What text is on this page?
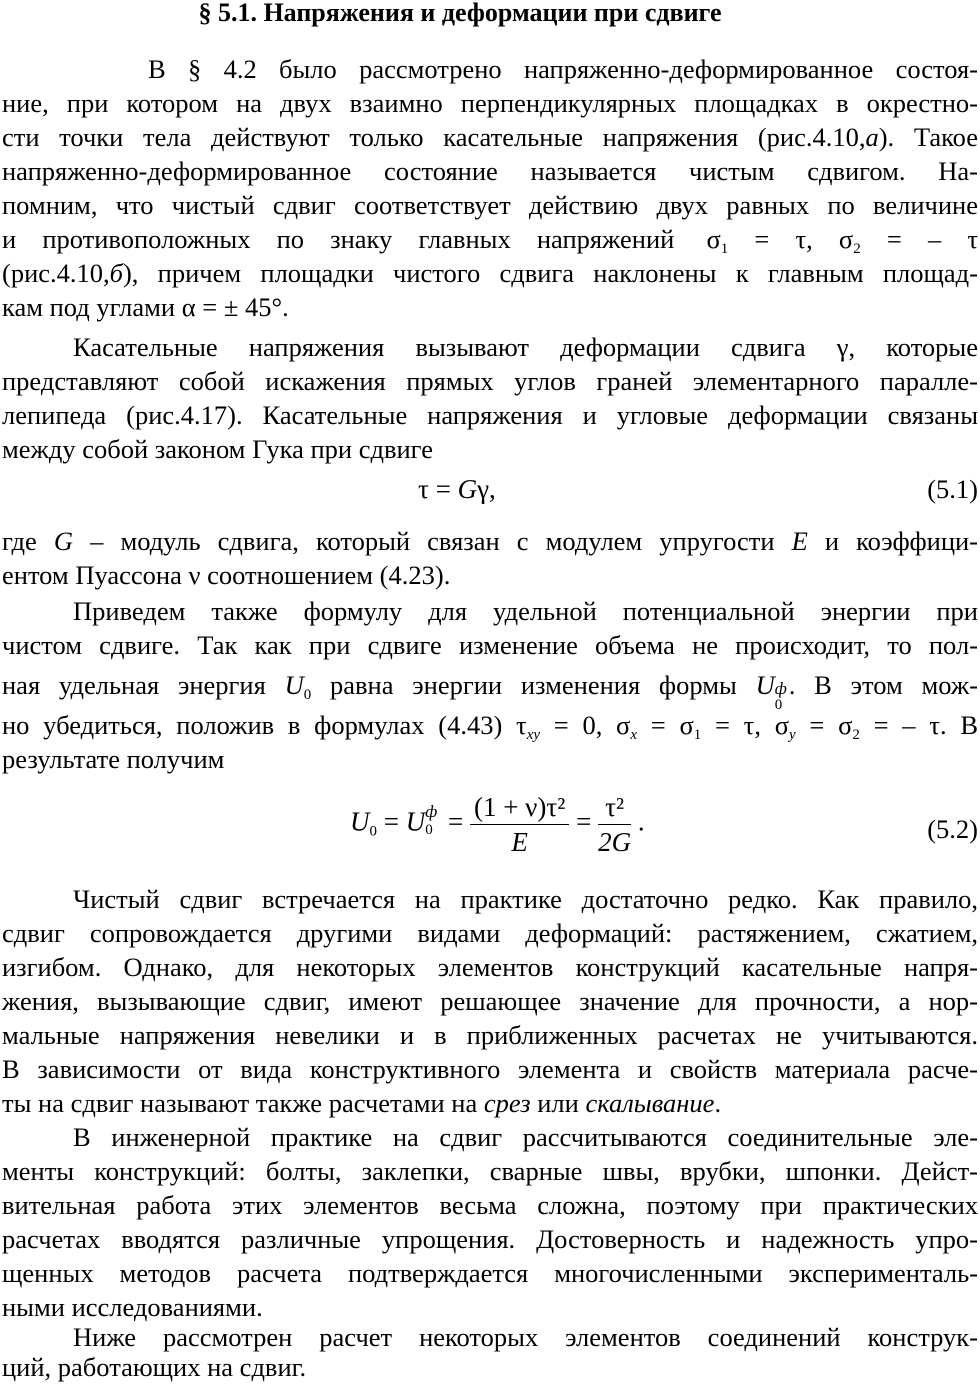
§ 5.1. Напряжения и деформации при сдвиге
В § 4.2 было рассмотрено напряженно-деформированное состоя-
ние, при котором на двух взаимно перпендикулярных площадках в окрестно-
сти точки тела действуют только касательные напряжения (рис.4.10,а). Такое
напряженно-деформированное состояние называется чистым сдвигом. На-
помним, что чистый сдвиг соответствует действию двух равных по величине
и противоположных по знаку главных напряжений $\sigma_1 = \tau$, $\sigma_2$ = – τ
(рис.4.10,б), причем площадки чистого сдвига наклонены к главным площад-
кам под углами α = ± 45°.
Касательные напряжения вызывают деформации сдвига γ, которые
представляют собой искажения прямых углов граней элементарного паралле-
лепипеда (рис.4.17). Касательные напряжения и угловые деформации связаны
между собой законом Гука при сдвиге
τ = Gγ,	(5.1)
где G – модуль сдвига, который связан с модулем упругости E и коэффици-
ентом Пуассона ν соотношением (4.23).
Приведем также формулу для удельной потенциальной энергии при
чистом сдвиге. Так как при сдвиге изменение объема не происходит, то пол-
ная удельная энергия $U_0$ равна энергии изменения формы U ф
0
. В этом мож-
но убедиться, положив в формулах (4.43) $\tau_{xy} = 0$, $\sigma_x = \sigma_1 = \tau$, $\sigma_y = \sigma_2$ = – τ. В
результате получим
$U_0 = U$ ф
$0 = \frac{\text{(1 + ν)τ²}}{E} = \frac{\text{τ²}}{2G}$ .	(5.2)
Чистый сдвиг встречается на практике достаточно редко. Как правило,
сдвиг сопровождается другими видами деформаций: растяжением, сжатием,
изгибом. Однако, для некоторых элементов конструкций касательные напря-
жения, вызывающие сдвиг, имеют решающее значение для прочности, а нор-
мальные напряжения невелики и в приближенных расчетах не учитываются.
В зависимости от вида конструктивного элемента и свойств материала расче-
ты на сдвиг называют также расчетами на срез или скалывание.
В инженерной практике на сдвиг рассчитываются соединительные эле-
менты конструкций: болты, заклепки, сварные швы, врубки, шпонки. Дейст-
вительная работа этих элементов весьма сложна, поэтому при практических
расчетах вводятся различные упрощения. Достоверность и надежность упро-
щенных методов расчета подтверждается многочисленными эксперименталь-
ными исследованиями.
Ниже рассмотрен расчет некоторых элементов соединений конструк-
ций, работающих на сдвиг.
